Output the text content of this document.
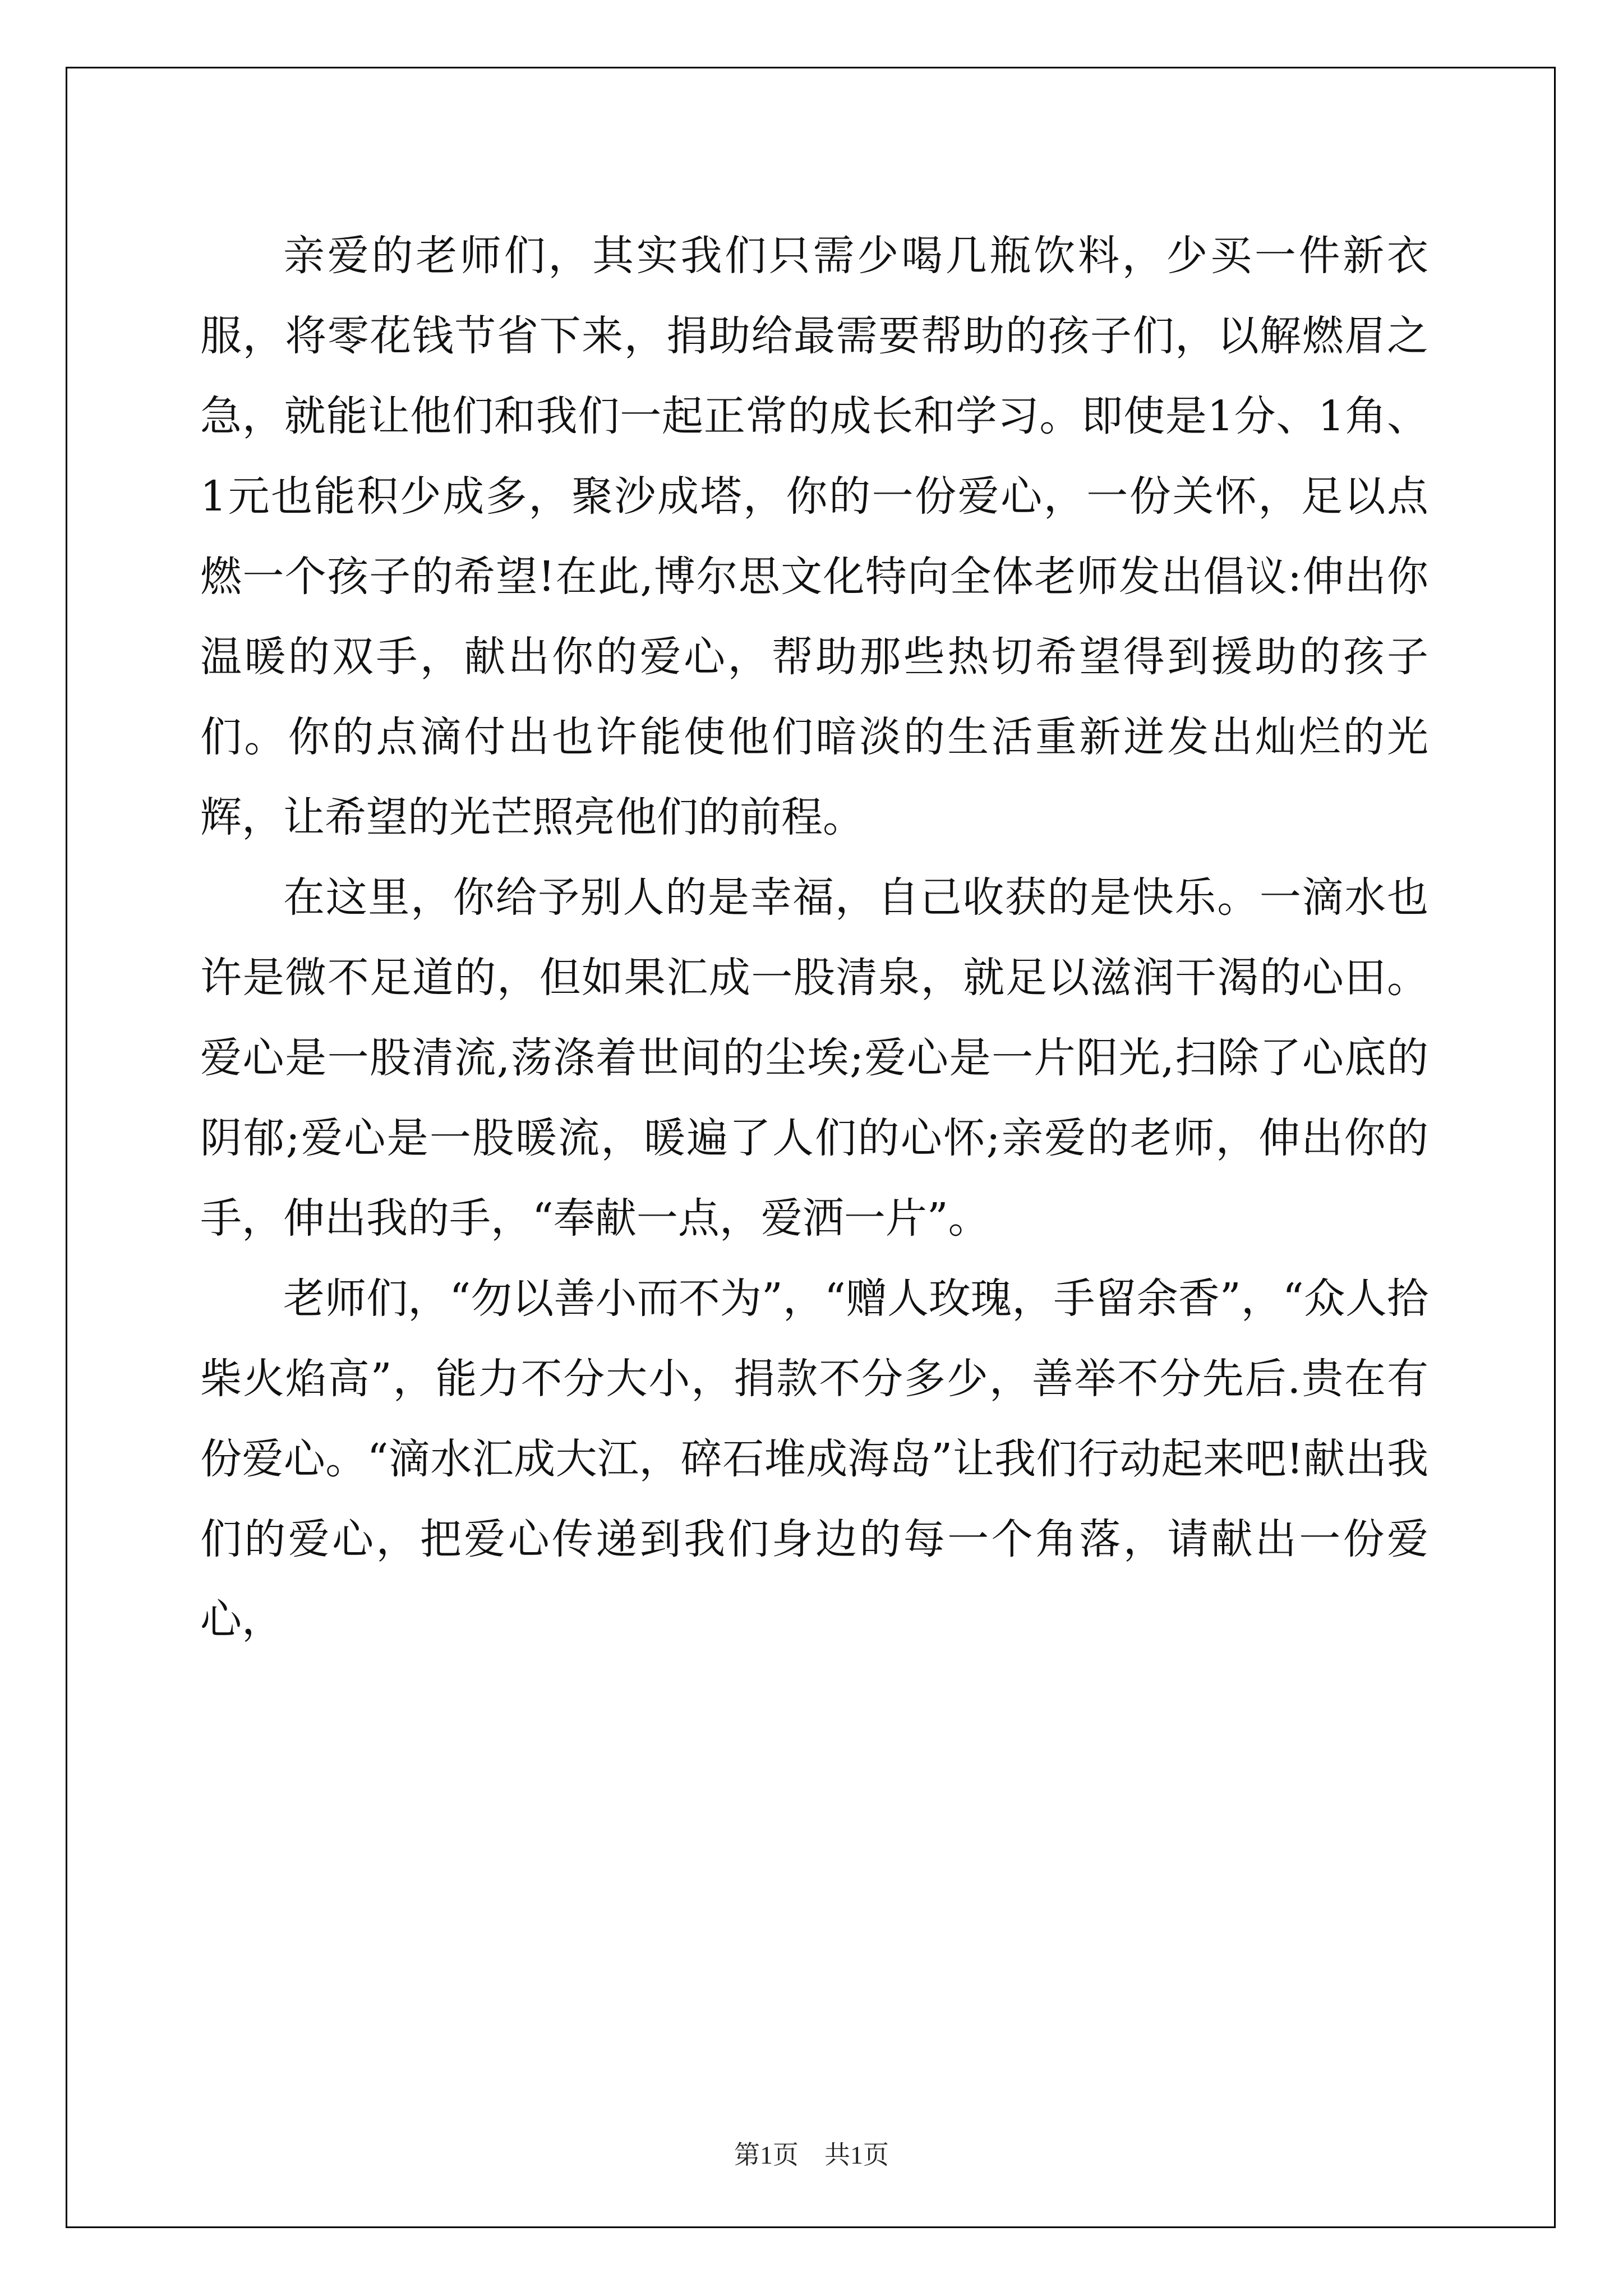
亲爱的老师们，其实我们只需少喝几瓶饮料，少买一件新衣服，将零花钱节省下来，捐助给最需要帮助的孩子们，以解燃眉之急，就能让他们和我们一起正常的成长和学习。即使是1分、1角、1元也能积少成多，聚沙成塔，你的一份爱心，一份关怀，足以点燃一个孩子的希望!在此,博尔思文化特向全体老师发出倡议:伸出你温暖的双手，献出你的爱心，帮助那些热切希望得到援助的孩子们。你的点滴付出也许能使他们暗淡的生活重新迸发出灿烂的光辉，让希望的光芒照亮他们的前程。

在这里，你给予别人的是幸福，自己收获的是快乐。一滴水也许是微不足道的，但如果汇成一股清泉，就足以滋润干渴的心田。爱心是一股清流,荡涤着世间的尘埃;爱心是一片阳光,扫除了心底的阴郁;爱心是一股暖流，暖遍了人们的心怀;亲爱的老师，伸出你的手，伸出我的手，“奉献一点，爱洒一片”。

老师们，“勿以善小而不为”，“赠人玫瑰，手留余香”，“众人拾柴火焰高”，能力不分大小，捐款不分多少，善举不分先后.贵在有份爱心。“滴水汇成大江，碎石堆成海岛”让我们行动起来吧!献出我们的爱心，把爱心传递到我们身边的每一个角落，请献出一份爱心，

第1页　共1页
